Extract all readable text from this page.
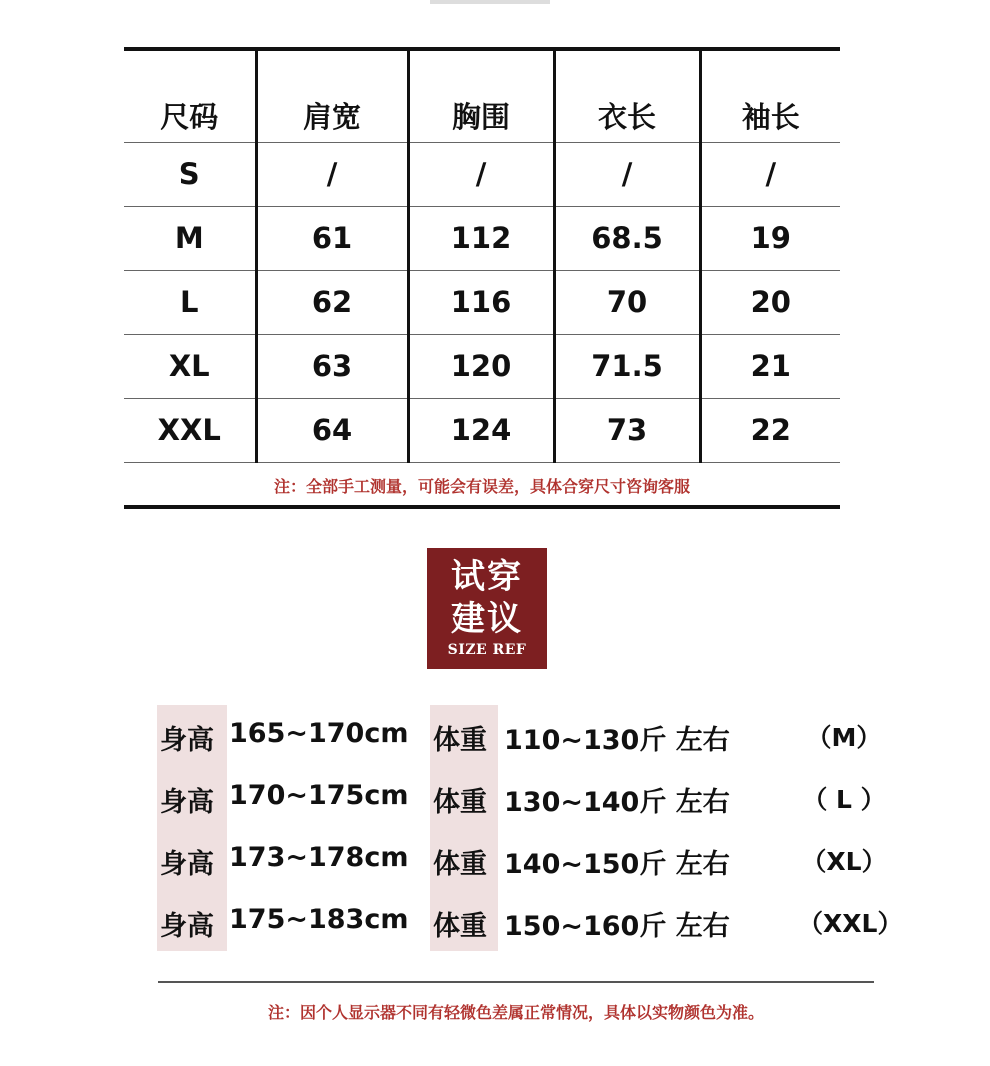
尺码	肩宽	胸围	衣长	袖长
S	/	/	/	/
M	61	112	68.5	19
L	62	116	70	20
XL	63	120	71.5	21
XXL	64	124	73	22
注：全部手工测量，可能会有误差，具体合穿尺寸咨询客服
试穿
建议
SIZE REF
身高 165~170cm 体重 110~130斤 左右	（M）
身高 170~175cm 体重 130~140斤 左右	（ L ）
身高 173~178cm 体重 140~150斤 左右	（XL）
身高 175~183cm 体重 150~160斤 左右	（XXL）
注：因个人显示器不同有轻微色差属正常情况，具体以实物颜色为准。
